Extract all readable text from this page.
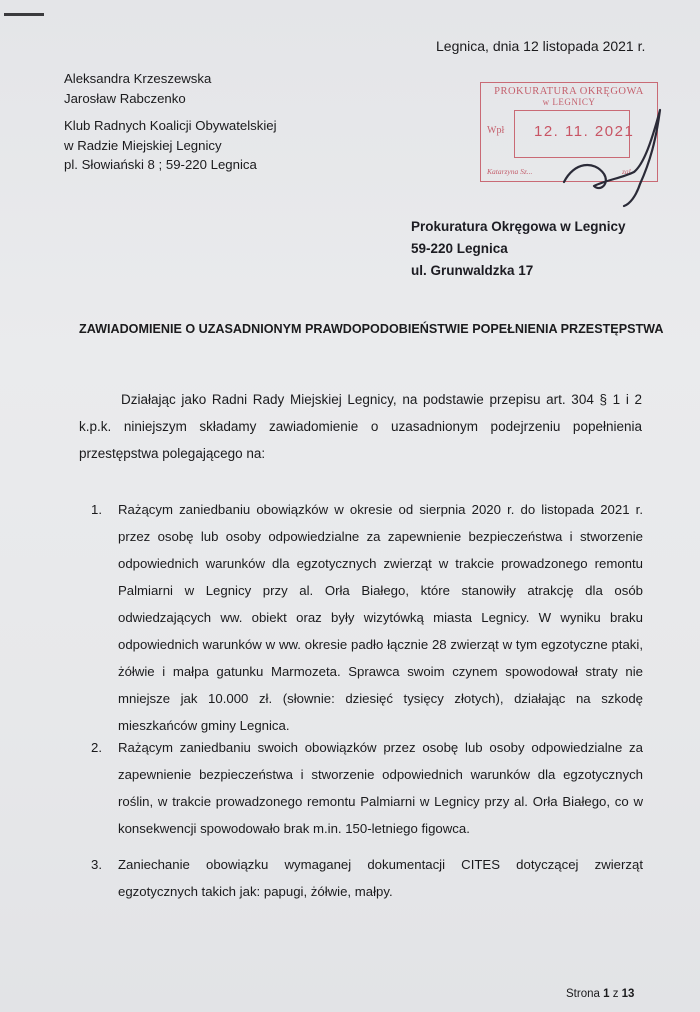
Legnica, dnia 12 listopada 2021 r.
Aleksandra Krzeszewska
Jarosław Rabczenko
Klub Radnych Koalicji Obywatelskiej
w Radzie Miejskiej Legnicy
pl. Słowiański 8 ; 59-220 Legnica
PROKURATURA OKRĘGOWA
w LEGNICY
Wpł 12. 11. 2021
Katarzyna Sz...	zal.
Prokuratura Okręgowa w Legnicy
59-220 Legnica
ul. Grunwaldzka 17
ZAWIADOMIENIE O UZASADNIONYM PRAWDOPODOBIEŃSTWIE POPEŁNIENIA PRZESTĘPSTWA
Działając jako Radni Rady Miejskiej Legnicy, na podstawie przepisu art. 304 § 1 i 2 k.p.k. niniejszym składamy zawiadomienie o uzasadnionym podejrzeniu popełnienia przestępstwa polegającego na:
1. Rażącym zaniedbaniu obowiązków w okresie od sierpnia 2020 r. do listopada 2021 r. przez osobę lub osoby odpowiedzialne za zapewnienie bezpieczeństwa i stworzenie odpowiednich warunków dla egzotycznych zwierząt w trakcie prowadzonego remontu Palmiarni w Legnicy przy al. Orła Białego, które stanowiły atrakcję dla osób odwiedzających ww. obiekt oraz były wizytówką miasta Legnicy. W wyniku braku odpowiednich warunków w ww. okresie padło łącznie 28 zwierząt w tym egzotyczne ptaki, żółwie i małpa gatunku Marmozeta. Sprawca swoim czynem spowodował straty nie mniejsze jak 10.000 zł. (słownie: dziesięć tysięcy złotych), działając na szkodę mieszkańców gminy Legnica.
2. Rażącym zaniedbaniu swoich obowiązków przez osobę lub osoby odpowiedzialne za zapewnienie bezpieczeństwa i stworzenie odpowiednich warunków dla egzotycznych roślin, w trakcie prowadzonego remontu Palmiarni w Legnicy przy al. Orła Białego, co w konsekwencji spowodowało brak m.in. 150-letniego figowca.
3. Zaniechanie obowiązku wymaganej dokumentacji CITES dotyczącej zwierząt egzotycznych takich jak: papugi, żółwie, małpy.
Strona 1 z 13
